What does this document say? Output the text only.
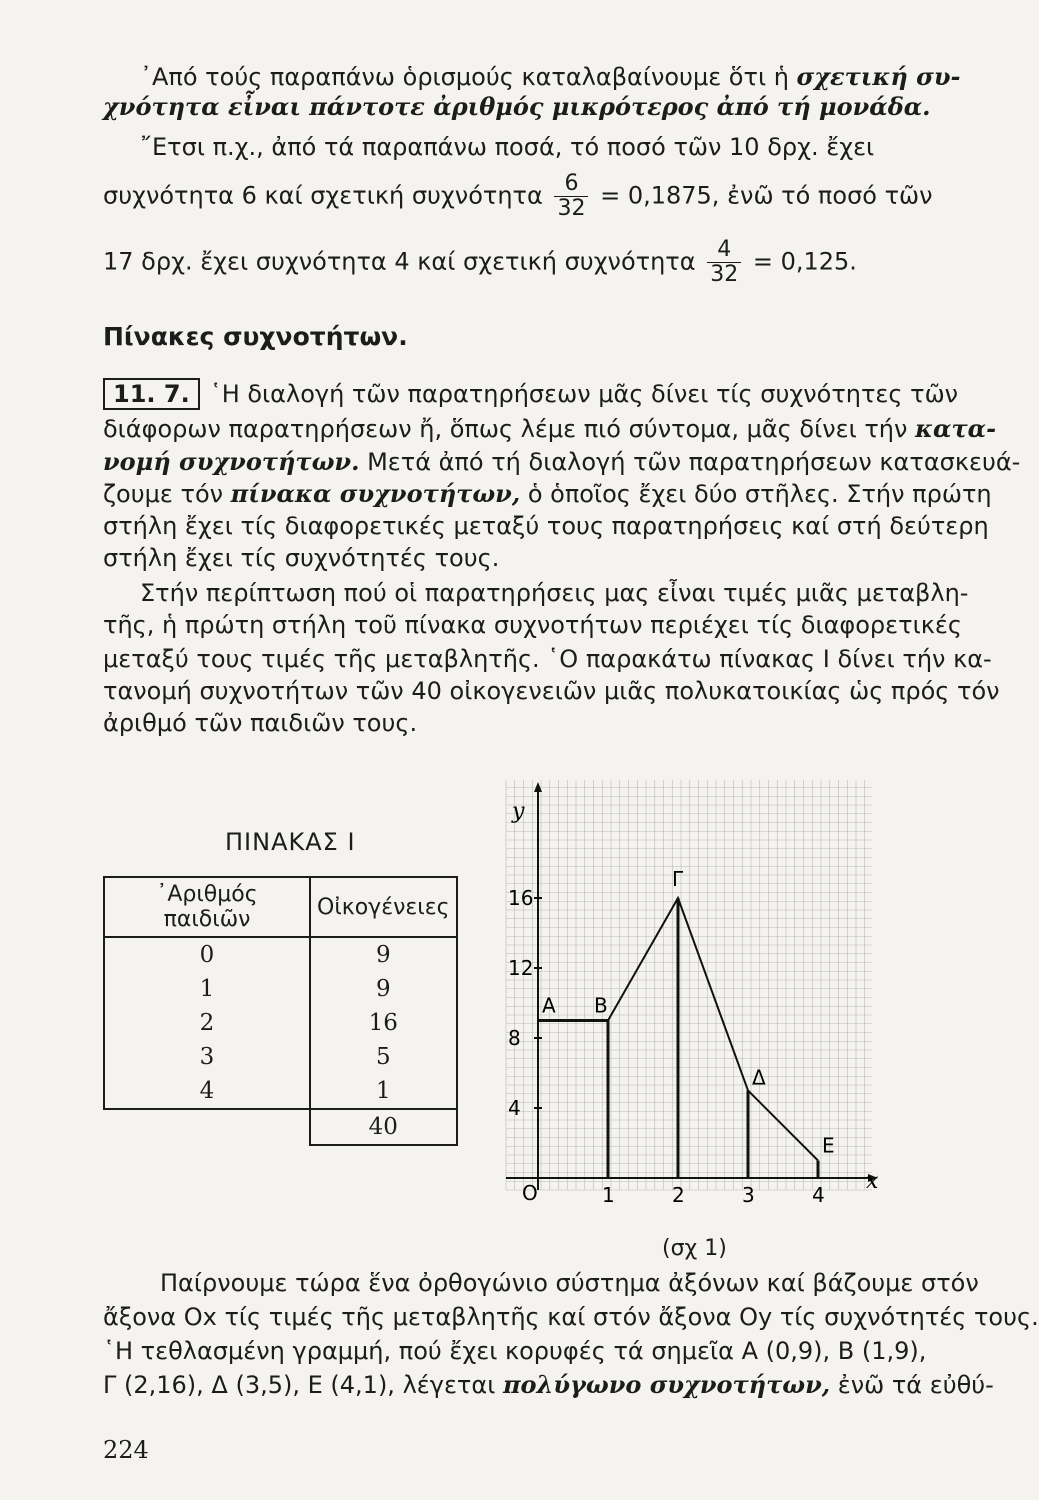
᾿Από τούς παραπάνω ὁρισμούς καταλαβαίνουμε ὅτι ἡ σχετική συ-
χνότητα εἶναι πάντοτε ἀριθμός μικρότερος ἀπό τή μονάδα.
῎Ετσι π.χ., ἀπό τά παραπάνω ποσά, τό ποσό τῶν 10 δρχ. ἔχει
συχνότητα 6 καί σχετική συχνότητα $\frac{6}{32} = 0,1875$, ἐνῶ τό ποσό τῶν
17 δρχ. ἔχει συχνότητα 4 καί σχετική συχνότητα $\frac{4}{32} = 0,125$.
Πίνακες συχνοτήτων.
11. 7. ῾Η διαλογή τῶν παρατηρήσεων μᾶς δίνει τίς συχνότητες τῶν
διάφορων παρατηρήσεων ἤ, ὅπως λέμε πιό σύντομα, μᾶς δίνει τήν κατα-
νομή συχνοτήτων. Μετά ἀπό τή διαλογή τῶν παρατηρήσεων κατασκευά-
ζουμε τόν πίνακα συχνοτήτων, ὁ ὁποῖος ἔχει δύο στῆλες. Στήν πρώτη
στήλη ἔχει τίς διαφορετικές μεταξύ τους παρατηρήσεις καί στή δεύτερη
στήλη ἔχει τίς συχνότητές τους.
Στήν περίπτωση πού οἱ παρατηρήσεις μας εἶναι τιμές μιᾶς μεταβλη-
τῆς, ἡ πρώτη στήλη τοῦ πίνακα συχνοτήτων περιέχει τίς διαφορετικές
μεταξύ τους τιμές τῆς μεταβλητῆς. ῾Ο παρακάτω πίνακας Ι δίνει τήν κα-
τανομή συχνοτήτων τῶν 40 οἰκογενειῶν μιᾶς πολυκατοικίας ὡς πρός τόν
ἀριθμό τῶν παιδιῶν τους.
ΠΙΝΑΚΑΣ Ι
᾿Αριθμός παιδιῶν	Οἰκογένειες
0	9
1	9
2	16
3	5
4	1
	40
x
y
O	1	2	3	4
4
8
12
16
Α Β
Γ
Δ
Ε
(σχ 1)
Παίρνουμε τώρα ἕνα ὀρθογώνιο σύστημα ἀξόνων καί βάζουμε στόν
ἄξονα Οx τίς τιμές τῆς μεταβλητῆς καί στόν ἄξονα Οy τίς συχνότητές τους.
῾Η τεθλασμένη γραμμή, πού ἔχει κορυφές τά σημεῖα Α (0,9), Β (1,9),
Γ (2,16), Δ (3,5), Ε (4,1), λέγεται πολύγωνο συχνοτήτων, ἐνῶ τά εὐθύ-
224
